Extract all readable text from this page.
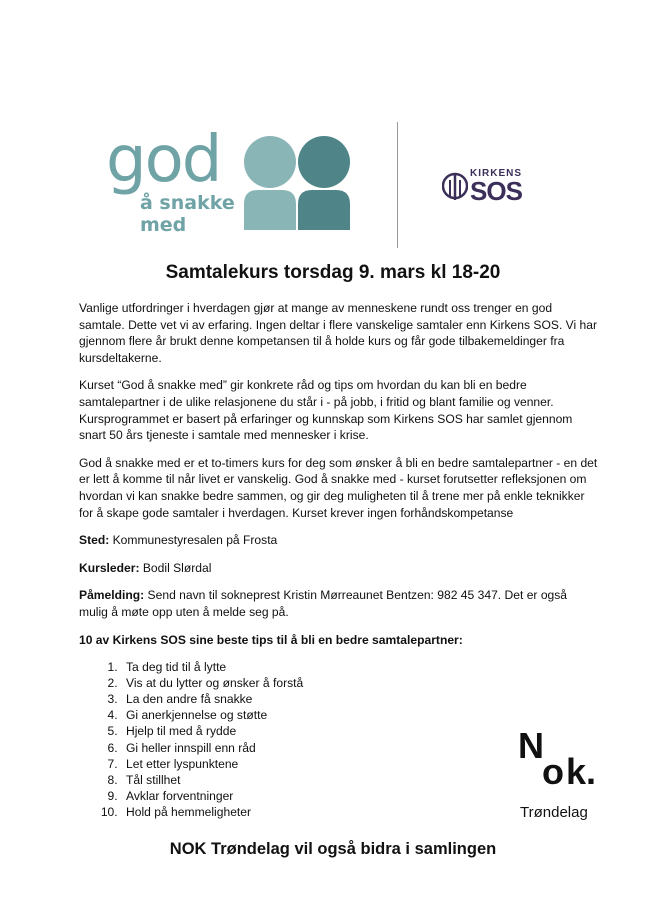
god
å snakke
med
KIRKENS
SOS
Samtalekurs torsdag 9. mars kl 18-20

Vanlige utfordringer i hverdagen gjør at mange av menneskene rundt oss trenger en god samtale. Dette vet vi av erfaring. Ingen deltar i flere vanskelige samtaler enn Kirkens SOS. Vi har gjennom flere år brukt denne kompetansen til å holde kurs og får gode tilbakemeldinger fra kursdeltakerne.

Kurset “God å snakke med” gir konkrete råd og tips om hvordan du kan bli en bedre samtalepartner i de ulike relasjonene du står i - på jobb, i fritid og blant familie og venner. Kursprogrammet er basert på erfaringer og kunnskap som Kirkens SOS har samlet gjennom snart 50 års tjeneste i samtale med mennesker i krise.

God å snakke med er et to-timers kurs for deg som ønsker å bli en bedre samtalepartner - en det er lett å komme til når livet er vanskelig. God å snakke med - kurset forutsetter refleksjonen om hvordan vi kan snakke bedre sammen, og gir deg muligheten til å trene mer på enkle teknikker for å skape gode samtaler i hverdagen. Kurset krever ingen forhåndskompetanse

Sted: Kommunestyresalen på Frosta

Kursleder: Bodil Slørdal

Påmelding: Send navn til sokneprest Kristin Mørreaunet Bentzen: 982 45 347. Det er også mulig å møte opp uten å melde seg på.

10 av Kirkens SOS sine beste tips til å bli en bedre samtalepartner:

1. Ta deg tid til å lytte
2. Vis at du lytter og ønsker å forstå
3. La den andre få snakke
4. Gi anerkjennelse og støtte
5. Hjelp til med å rydde
6. Gi heller innspill enn råd
7. Let etter lyspunktene
8. Tål stillhet
9. Avklar forventninger
10. Hold på hemmeligheter
N
o k.
Trøndelag
NOK Trøndelag vil også bidra i samlingen
